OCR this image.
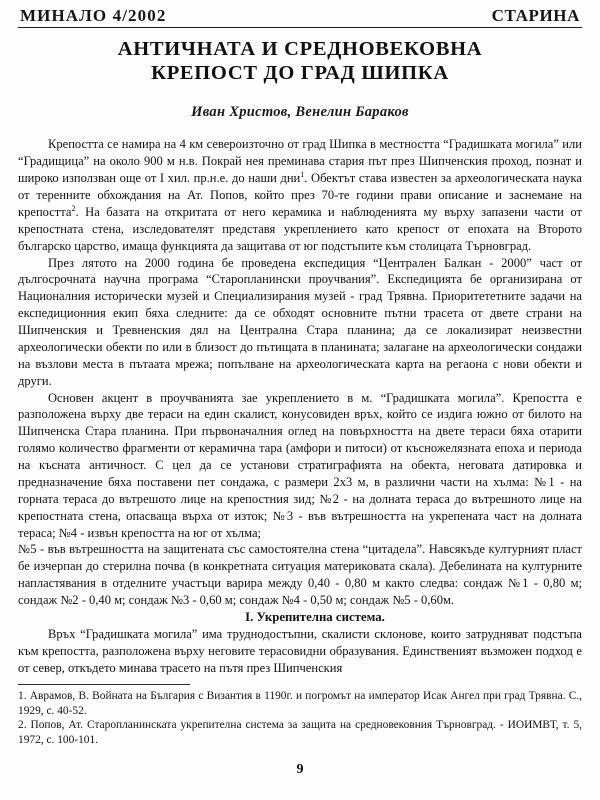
МИНАЛО 4/2002	СТАРИНА
АНТИЧНАТА И СРЕДНОВЕКОВНА
КРЕПОСТ ДО ГРАД ШИПКА
Иван Христов, Венелин Бараков

Крепостта се намира на 4 км североизточно от град Шипка в местността “Градишката могила” или “Градищица” на около 900 м н.в. Покрай нея преминава стария път през Шипченския проход, познат и широко използван още от I хил. пр.н.е. до наши дни$^1$. Обектът става известен за археологическата наука от теренните обхождания на Ат. Попов, който през 70-те години прави описание и заснемане на крепостта$^2$. На базата на откритата от него керамика и наблюденията му върху запазени части от крепостната стена, изследователят представя укреплението като крепост от епохата на Второто българско царство, имаща функцията да защитава от юг подстъпите към столицата Търновград.

През лятото на 2000 година бе проведена експедиция “Централен Балкан - 2000” част от дългосрочната научна програма “Старопланински проучвания”. Експедицията бе организирана от Националния исторически музей и Специализирания музей - град Трявна. Приоритететните задачи на експедиционния екип бяха следните: да се обходят основните пътни трасета от двете страни на Шипченския и Тревненския дял на Централна Стара планина; да се локализират неизвестни археологически обекти по или в близост до пътищата в планината; залагане на археологически сондажи на възлови места в пътаата мрежа; попълване на археологическата карта на регаона с нови обекти и други.

Основен акцент в проучванията зае укреплението в м. “Градишката могила”. Крепостта е разположена върху две тераси на един скалист, конусовиден връх, който се издига южно от билото на Шипченска Стара планина. При първоначалния оглед на повърхността на двете тераси бяха отарити голямо количество фрагменти от керамична тара (амфори и питоси) от късножелязната епоха и периода на късната античност. С цел да се установи стратиграфията на обекта, неговата датировка и предназначение бяха поставени пет сондажа, с размери 2х3 м, в различни части на хълма: №1 - на горната тераса до вътрешото лице на крепостния зид; №2 - на долната тераса до вътрешното лице на крепостната стена, опасваща върха от изток; №3 - във вътрешността на укрепената част на долната тераса; №4 - извън крепостта на юг от хълма;

№5 - във вътрешността на защитената със самостоятелна стена “цитадела”. Навсякъде културният пласт бе изчерпан до стерилна почва (в конкретната ситуация материковата скала). Дебелината на културните напластявания в отделните участъци варира между 0,40 - 0,80 м както следва: сондаж №1 - 0,80 м; сондаж №2 - 0,40 м; сондаж №3 - 0,60 м; сондаж №4 - 0,50 м; сондаж №5 - 0,60м.

I. Укрепителна система.

Връх “Градишката могила” има труднодостъпни, скалисти склонове, които затрудняват подстъпа към крепостта, разположена върху неговите терасовидни образувания. Единственият възможен подход е от север, откъдето минава трасето на пътя през Шипченския

1. Аврамов, В. Войната на България с Византия в 1190г. и погромът на император Исак Ангел при град Трявна. С., 1929, с. 40-52.

2. Попов, Ат. Старопланинската укрепителна система за защита на средновековния Търновград. - ИОИМВТ, т. 5, 1972, с. 100-101.

9
